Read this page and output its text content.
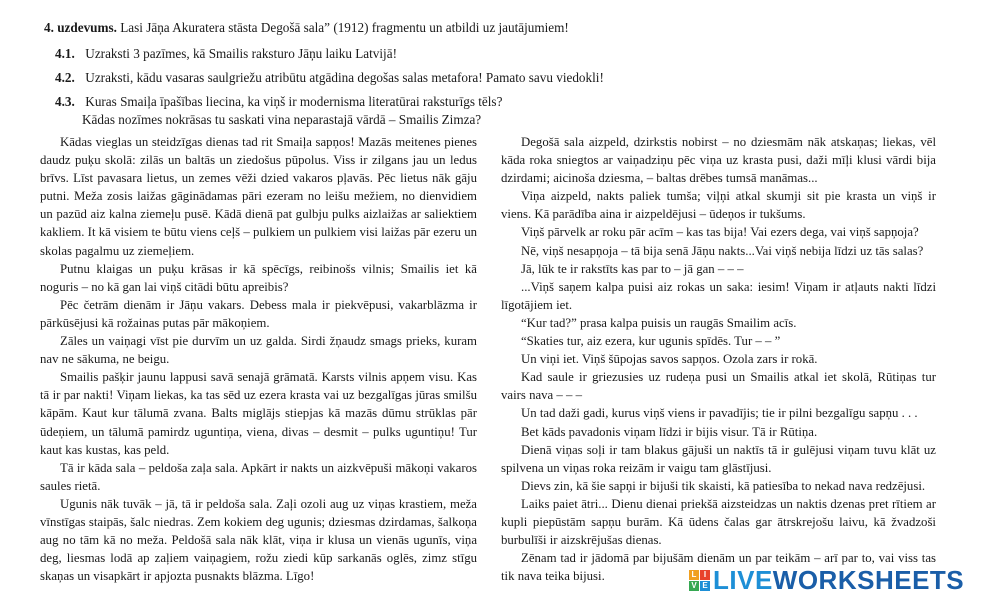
4. uzdevums. Lasi Jāņa Akuratera stāsta Degošā sala” (1912) fragmentu un atbildi uz jautājumiem!
4.1. Uzraksti 3 pazīmes, kā Smailis raksturo Jāņu laiku Latvijā!
4.2. Uzraksti, kādu vasaras saulgriežu atribūtu atgādina degošas salas metafora! Pamato savu viedokli!
4.3. Kuras Smaiļa īpašības liecina, ka viņš ir modernisma literatūrai raksturīgs tēls?
Kādas nozīmes nokrāsas tu saskati vina neparastajā vārdā – Smailis Zimza?

Kādas vieglas un steidzīgas dienas tad rit Smaiļa sapņos! Mazās meitenes pienes daudz puķu skolā: zilās un baltās un ziedošus pūpolus. Viss ir zilgans jau un ledus brīvs. Līst pavasara lietus, un zemes vēži dzied vakaros pļavās. Pēc lietus nāk gāju putni. Meža zosis laižas gāginādamas pāri ezeram no leišu mežiem, no dienvidiem un pazūd aiz kalna ziemeļu pusē. Kādā dienā pat gulbju pulks aizlaižas ar saliektiem kakliem. It kā visiem te būtu viens ceļš – pulkiem un pulkiem visi laižas pār ezeru un skolas pagalmu uz ziemeļiem.

Putnu klaigas un puķu krāsas ir kā spēcīgs, reibinošs vilnis; Smailis iet kā noguris – no kā gan lai viņš citādi būtu apreibis?

Pēc četrām dienām ir Jāņu vakars. Debess mala ir piekvēpusi, vakarblāzma ir pārkūsējusi kā rožainas putas pār mākoņiem.

Zāles un vaiņagi vīst pie durvīm un uz galda. Sirdi žņaudz smags prieks, kuram nav ne sākuma, ne beigu.

Smailis pašķir jaunu lappusi savā senajā grāmatā. Karsts vilnis apņem visu. Kas tā ir par nakti! Viņam liekas, ka tas sēd uz ezera krasta vai uz bezgalīgas jūras smilšu kāpām. Kaut kur tālumā zvana. Balts miglājs stiepjas kā mazās dūmu strūklas pār ūdeņiem, un tālumā pamirdz uguntiņa, viena, divas – desmit – pulks uguntiņu! Tur kaut kas kustas, kas peld.

Tā ir kāda sala – peldoša zaļa sala. Apkārt ir nakts un aizkvēpuši mākoņi vakaros saules rietā.

Ugunis nāk tuvāk – jā, tā ir peldoša sala. Zaļi ozoli aug uz viņas krastiem, meža vīnstīgas staipās, šalc niedras. Zem kokiem deg ugunis; dziesmas dzirdamas, šalkoņa aug no tām kā no meža. Peldošā sala nāk klāt, viņa ir klusa un vienās ugunīs, viņa deg, liesmas lodā ap zaļiem vaiņagiem, rožu ziedi kūp sarkanās oglēs, zimz stīgu skaņas un visapkārt ir apjozta pusnakts blāzma. Līgo!

Degošā sala aizpeld, dzirkstis nobirst – no dziesmām nāk atskaņas; liekas, vēl kāda roka sniegtos ar vaiņadziņu pēc viņa uz krasta pusi, daži mīļi klusi vārdi bija dzirdami; aicinoša dziesma, – baltas drēbes tumsā manāmas...

Viņa aizpeld, nakts paliek tumša; viļņi atkal skumji sit pie krasta un viņš ir viens. Kā parādība aina ir aizpeldējusi – ūdeņos ir tukšums.

Viņš pārvelk ar roku pār acīm – kas tas bija! Vai ezers dega, vai viņš sapņoja?

Nē, viņš nesapņoja – tā bija senā Jāņu nakts...Vai viņš nebija līdzi uz tās salas?

Jā, lūk te ir rakstīts kas par to – jā gan – – –

...Viņš saņem kalpa puisi aiz rokas un saka: iesim! Viņam ir atļauts nakti līdzi līgotājiem iet.

“Kur tad?” prasa kalpa puisis un raugās Smailim acīs.

“Skaties tur, aiz ezera, kur ugunis spīdēs. Tur – – ”

Un viņi iet. Viņš šūpojas savos sapņos. Ozola zars ir rokā.

Kad saule ir griezusies uz rudeņa pusi un Smailis atkal iet skolā, Rūtiņas tur vairs nava – – –

Un tad daži gadi, kurus viņš viens ir pavadījis; tie ir pilni bezgalīgu sapņu . . .

Bet kāds pavadonis viņam līdzi ir bijis visur. Tā ir Rūtiņa.

Dienā viņas soļi ir tam blakus gājuši un naktīs tā ir gulējusi viņam tuvu klāt uz spilvena un viņas roka reizām ir vaigu tam glāstījusi.

Dievs zin, kā šie sapņi ir bijuši tik skaisti, kā patiesība to nekad nava redzējusi.

Laiks paiet ātri... Dienu dienai priekšā aizsteidzas un naktis dzenas pret rītiem ar kupli piepūstām sapņu burām. Kā ūdens čalas gar ātrskrejošu laivu, kā žvadzoši burbulīši ir aizskrējušas dienas.

Zēnam tad ir jādomā par bijušām dienām un par teikām – arī par to, vai viss tas tik nava teika bijusi.	L I
V E LIVEWORKSHEETS
